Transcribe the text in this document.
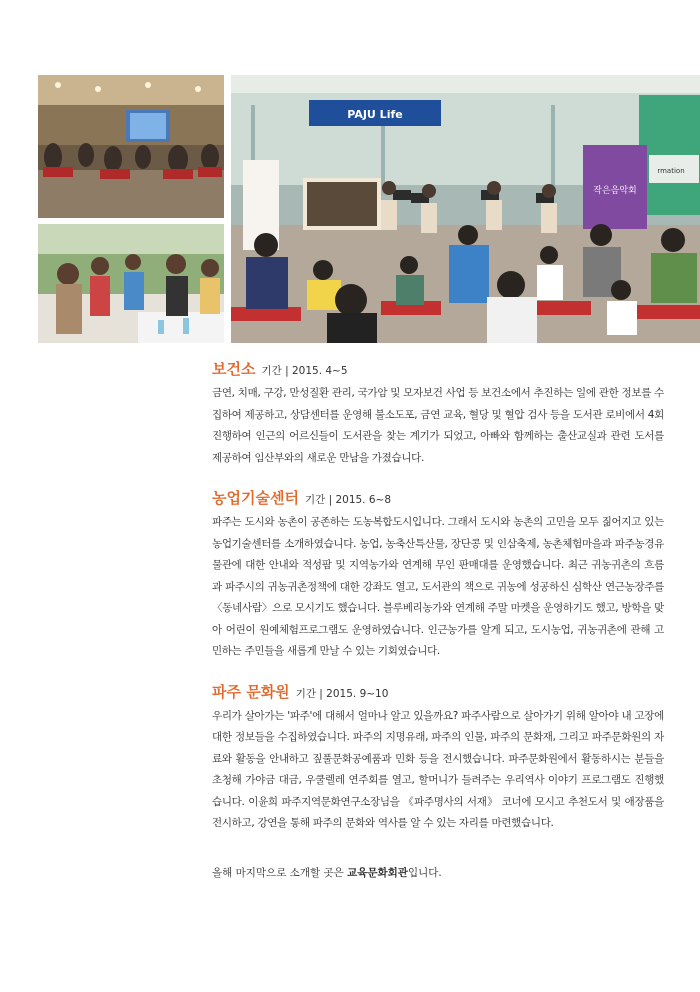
PAJU Life
작은음악회
rmation
보건소 기간 | 2015. 4~5

금연, 치매, 구강, 만성질환 관리, 국가암 및 모자보건 사업 등 보건소에서 추진하는 일에 관한 정보를 수집하여 제공하고, 상담센터를 운영해 불소도포, 금연 교육, 혈당 및 혈압 검사 등을 도서관 로비에서 4회 진행하여 인근의 어르신들이 도서관을 찾는 계기가 되었고, 아빠와 함께하는 출산교실과 관련 도서를 제공하여 임산부와의 새로운 만남을 가졌습니다.

농업기술센터 기간 | 2015. 6~8

파주는 도시와 농촌이 공존하는 도농복합도시입니다. 그래서 도시와 농촌의 고민을 모두 짊어지고 있는 농업기술센터를 소개하였습니다. 농업, 농축산특산물, 장단콩 및 인삼축제, 농촌체험마을과 파주농경유물관에 대한 안내와 적성팜 및 지역농가와 연계해 무인 판매대를 운영했습니다. 최근 귀농귀촌의 흐름과 파주시의 귀농귀촌정책에 대한 강좌도 열고, 도서관의 책으로 귀농에 성공하신 심학산 연근농장주를 〈동네사람〉으로 모시기도 했습니다. 블루베리농가와 연계해 주말 마켓을 운영하기도 했고, 방학을 맞아 어린이 원예체험프로그램도 운영하였습니다. 인근농가를 알게 되고, 도시농업, 귀농귀촌에 관해 고민하는 주민들을 새롭게 만날 수 있는 기회였습니다.

파주 문화원 기간 | 2015. 9~10

우리가 살아가는 '파주'에 대해서 얼마나 알고 있을까요? 파주사람으로 살아가기 위해 알아야 내 고장에 대한 정보들을 수집하였습니다. 파주의 지명유래, 파주의 인물, 파주의 문화재, 그리고 파주문화원의 자료와 활동을 안내하고 짚풀문화공예품과 민화 등을 전시했습니다. 파주문화원에서 활동하시는 분들을 초청해 가야금 대금, 우쿨렐레 연주회를 열고, 할머니가 들려주는 우리역사 이야기 프로그램도 진행했습니다. 이윤희 파주지역문화연구소장님을 《파주명사의 서재》 코너에 모시고 추천도서 및 애장품을 전시하고, 강연을 통해 파주의 문화와 역사를 알 수 있는 자리를 마련했습니다.

올해 마지막으로 소개할 곳은 교육문화회관입니다.
